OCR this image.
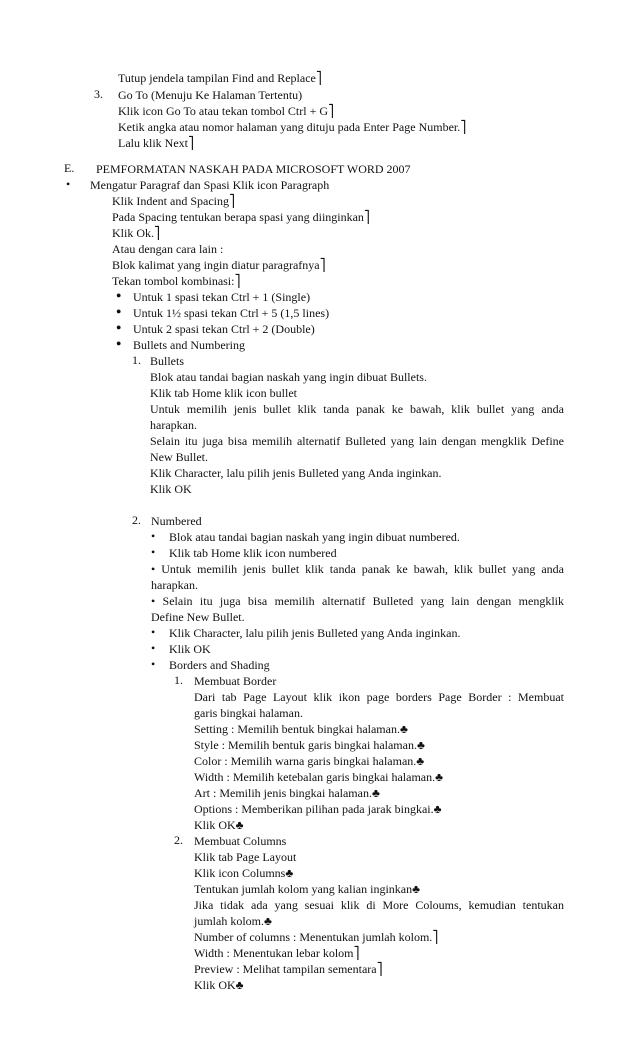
Tutup jendela tampilan Find and Replace⎤
3. Go To (Menuju Ke Halaman Tertentu)
Klik icon Go To atau tekan tombol Ctrl + G⎤
Ketik angka atau nomor halaman yang dituju pada Enter Page Number.⎤
Lalu klik Next⎤
E. PEMFORMATAN NASKAH PADA MICROSOFT WORD 2007
• Mengatur Paragraf dan Spasi Klik icon Paragraph
Klik Indent and Spacing⎤
Pada Spacing tentukan berapa spasi yang diinginkan⎤
Klik Ok.⎤
Atau dengan cara lain :
Blok kalimat yang ingin diatur paragrafnya⎤
Tekan tombol kombinasi:⎤
● Untuk 1 spasi tekan Ctrl + 1 (Single)
● Untuk 1½ spasi tekan Ctrl + 5 (1,5 lines)
● Untuk 2 spasi tekan Ctrl + 2 (Double)
● Bullets and Numbering
1. Bullets
Blok atau tandai bagian naskah yang ingin dibuat Bullets.
Klik tab Home klik icon bullet
Untuk memilih jenis bullet klik tanda panak ke bawah, klik bullet yang anda
harapkan.
Selain itu juga bisa memilih alternatif Bulleted yang lain dengan mengklik Define
New Bullet.
Klik Character, lalu pilih jenis Bulleted yang Anda inginkan.
Klik OK
2. Numbered
• Blok atau tandai bagian naskah yang ingin dibuat numbered.
• Klik tab Home klik icon numbered
• Untuk memilih jenis bullet klik tanda panak ke bawah, klik bullet yang anda
harapkan.
• Selain itu juga bisa memilih alternatif Bulleted yang lain dengan mengklik
Define New Bullet.
• Klik Character, lalu pilih jenis Bulleted yang Anda inginkan.
• Klik OK
• Borders and Shading
1. Membuat Border
Dari tab Page Layout klik ikon page borders Page Border : Membuat
garis bingkai halaman.
Setting : Memilih bentuk bingkai halaman.♣
Style : Memilih bentuk garis bingkai halaman.♣
Color : Memilih warna garis bingkai halaman.♣
Width : Memilih ketebalan garis bingkai halaman.♣
Art : Memilih jenis bingkai halaman.♣
Options : Memberikan pilihan pada jarak bingkai.♣
Klik OK♣
2. Membuat Columns
Klik tab Page Layout
Klik icon Columns♣
Tentukan jumlah kolom yang kalian inginkan♣
Jika tidak ada yang sesuai klik di More Coloums, kemudian tentukan
jumlah kolom.♣
Number of columns : Menentukan jumlah kolom.⎤
Width : Menentukan lebar kolom⎤
Preview : Melihat tampilan sementara⎤
Klik OK♣
